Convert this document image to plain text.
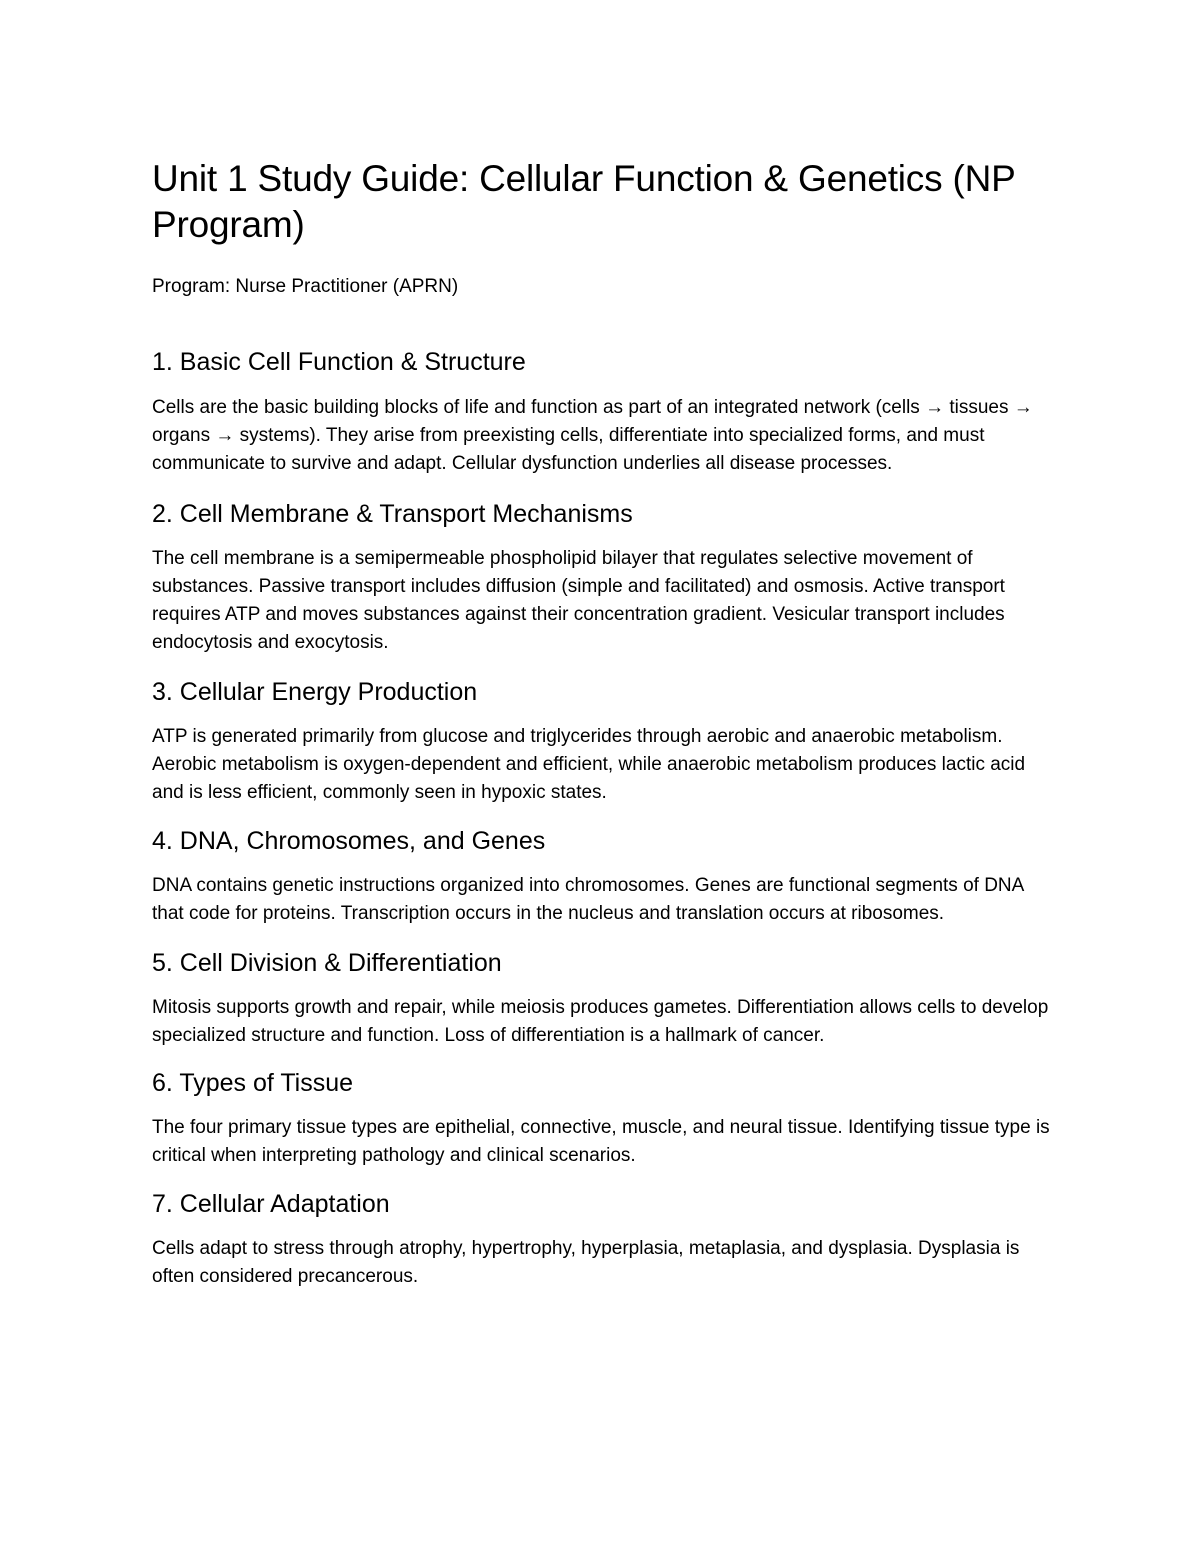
Unit 1 Study Guide: Cellular Function & Genetics (NP Program)

Program: Nurse Practitioner (APRN)

1. Basic Cell Function & Structure

Cells are the basic building blocks of life and function as part of an integrated network (cells → tissues → organs → systems). They arise from preexisting cells, differentiate into specialized forms, and must communicate to survive and adapt. Cellular dysfunction underlies all disease processes.

2. Cell Membrane & Transport Mechanisms

The cell membrane is a semipermeable phospholipid bilayer that regulates selective movement of substances. Passive transport includes diffusion (simple and facilitated) and osmosis. Active transport requires ATP and moves substances against their concentration gradient. Vesicular transport includes endocytosis and exocytosis.

3. Cellular Energy Production

ATP is generated primarily from glucose and triglycerides through aerobic and anaerobic metabolism. Aerobic metabolism is oxygen-dependent and efficient, while anaerobic metabolism produces lactic acid and is less efficient, commonly seen in hypoxic states.

4. DNA, Chromosomes, and Genes

DNA contains genetic instructions organized into chromosomes. Genes are functional segments of DNA that code for proteins. Transcription occurs in the nucleus and translation occurs at ribosomes.

5. Cell Division & Differentiation

Mitosis supports growth and repair, while meiosis produces gametes. Differentiation allows cells to develop specialized structure and function. Loss of differentiation is a hallmark of cancer.

6. Types of Tissue

The four primary tissue types are epithelial, connective, muscle, and neural tissue. Identifying tissue type is critical when interpreting pathology and clinical scenarios.

7. Cellular Adaptation

Cells adapt to stress through atrophy, hypertrophy, hyperplasia, metaplasia, and dysplasia. Dysplasia is often considered precancerous.
